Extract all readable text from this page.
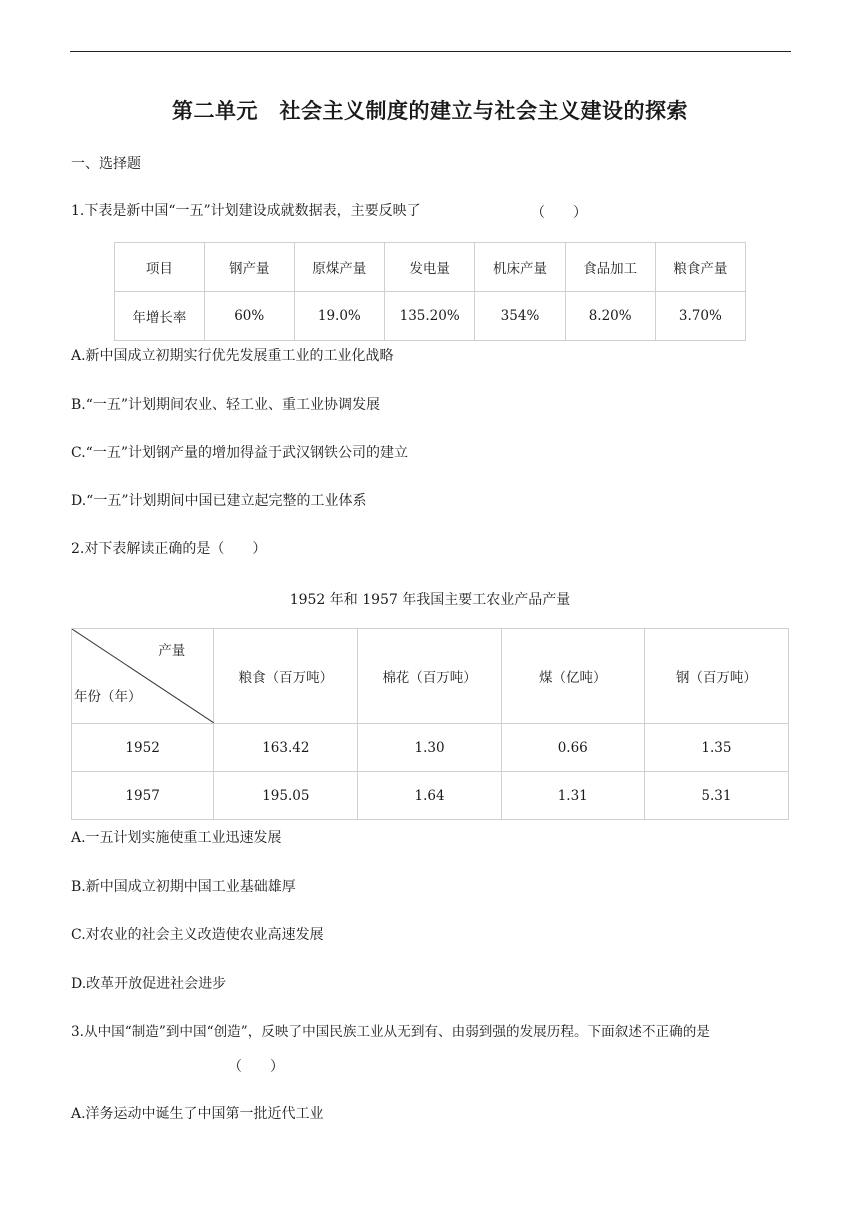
第二单元　社会主义制度的建立与社会主义建设的探索
一、选择题
1.下表是新中国“一五”计划建设成就数据表，主要反映了	（　　）
项目	钢产量	原煤产量	发电量	机床产量	食品加工	粮食产量
年增长率	60%	19.0%	135.20%	354%	8.20%	3.70%
A.新中国成立初期实行优先发展重工业的工业化战略
B.“一五”计划期间农业、轻工业、重工业协调发展
C.“一五”计划钢产量的增加得益于武汉钢铁公司的建立
D.“一五”计划期间中国已建立起完整的工业体系
2.对下表解读正确的是（　　）
1952 年和 1957 年我国主要工农业产品产量
产量
年份（年）	粮食（百万吨）	棉花（百万吨）	煤（亿吨）	钢（百万吨）
1952	163.42	1.30	0.66	1.35
1957	195.05	1.64	1.31	5.31
A.一五计划实施使重工业迅速发展
B.新中国成立初期中国工业基础雄厚
C.对农业的社会主义改造使农业高速发展
D.改革开放促进社会进步
3.从中国“制造”到中国“创造”，反映了中国民族工业从无到有、由弱到强的发展历程。下面叙述不正确的是
（　　）
A.洋务运动中诞生了中国第一批近代工业
